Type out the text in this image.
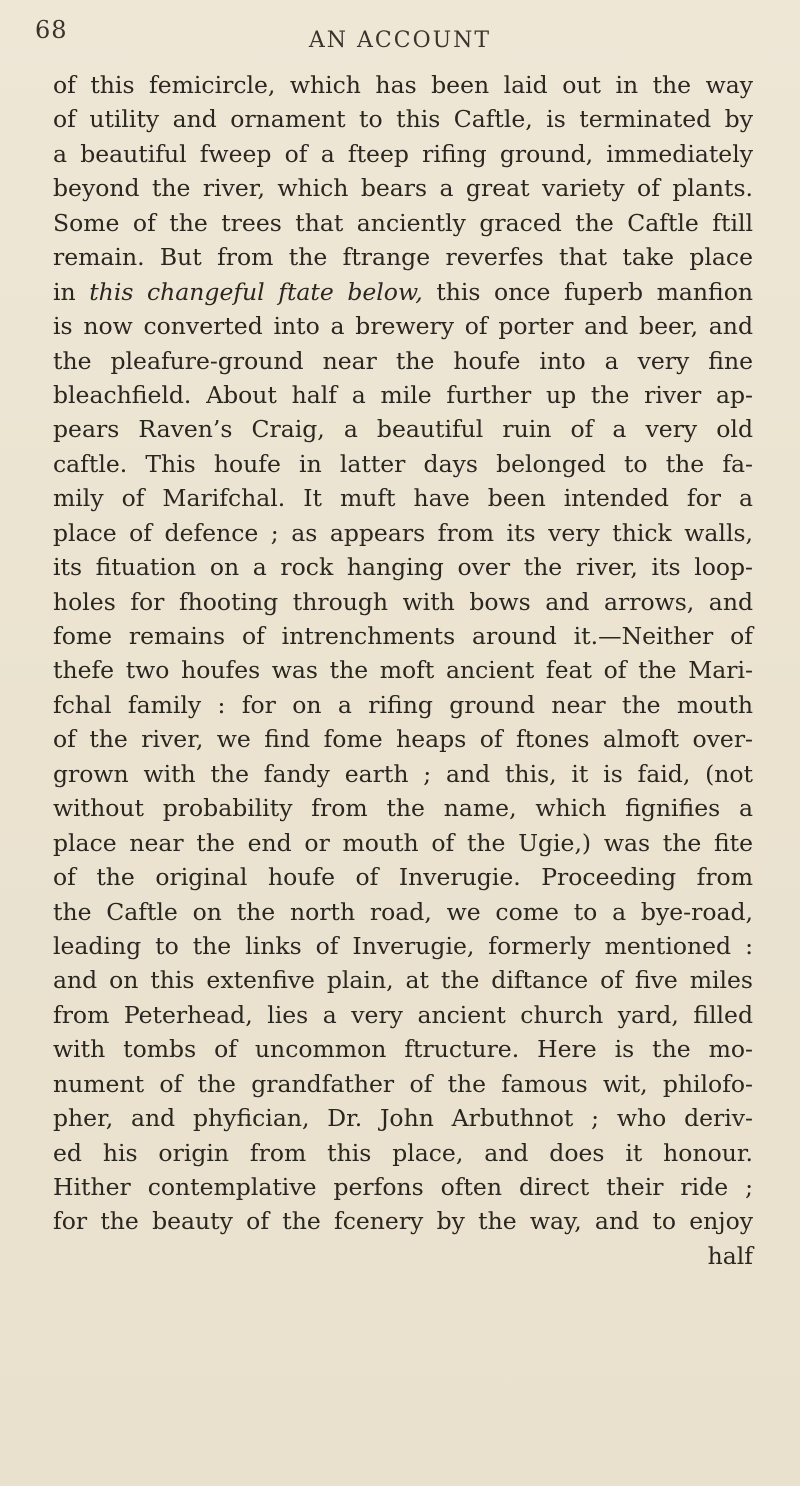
68	AN ACCOUNT
of this femicircle, which has been laid out in the way
of utility and ornament to this Caftle, is terminated by
a beautiful fweep of a fteep rifing ground, immediately
beyond the river, which bears a great variety of plants.
Some of the trees that anciently graced the Caftle ftill
remain. But from the ftrange reverfes that take place
in this changeful ftate below, this once fuperb manfion
is now converted into a brewery of porter and beer, and
the pleafure-ground near the houfe into a very fine
bleachfield. About half a mile further up the river ap-
pears Raven’s Craig, a beautiful ruin of a very old
caftle. This houfe in latter days belonged to the fa-
mily of Marifchal. It muft have been intended for a
place of defence ; as appears from its very thick walls,
its fituation on a rock hanging over the river, its loop-
holes for fhooting through with bows and arrows, and
fome remains of intrenchments around it.—Neither of
thefe two houfes was the moft ancient feat of the Mari-
fchal family : for on a rifing ground near the mouth
of the river, we find fome heaps of ftones almoft over-
grown with the fandy earth ; and this, it is faid, (not
without probability from the name, which fignifies a
place near the end or mouth of the Ugie,) was the fite
of the original houfe of Inverugie. Proceeding from
the Caftle on the north road, we come to a bye-road,
leading to the links of Inverugie, formerly mentioned :
and on this extenfive plain, at the diftance of five miles
from Peterhead, lies a very ancient church yard, filled
with tombs of uncommon ftructure. Here is the mo-
nument of the grandfather of the famous wit, philofo-
pher, and phyfician, Dr. John Arbuthnot ; who deriv-
ed his origin from this place, and does it honour.
Hither contemplative perfons often direct their ride ;
for the beauty of the fcenery by the way, and to enjoy
half
